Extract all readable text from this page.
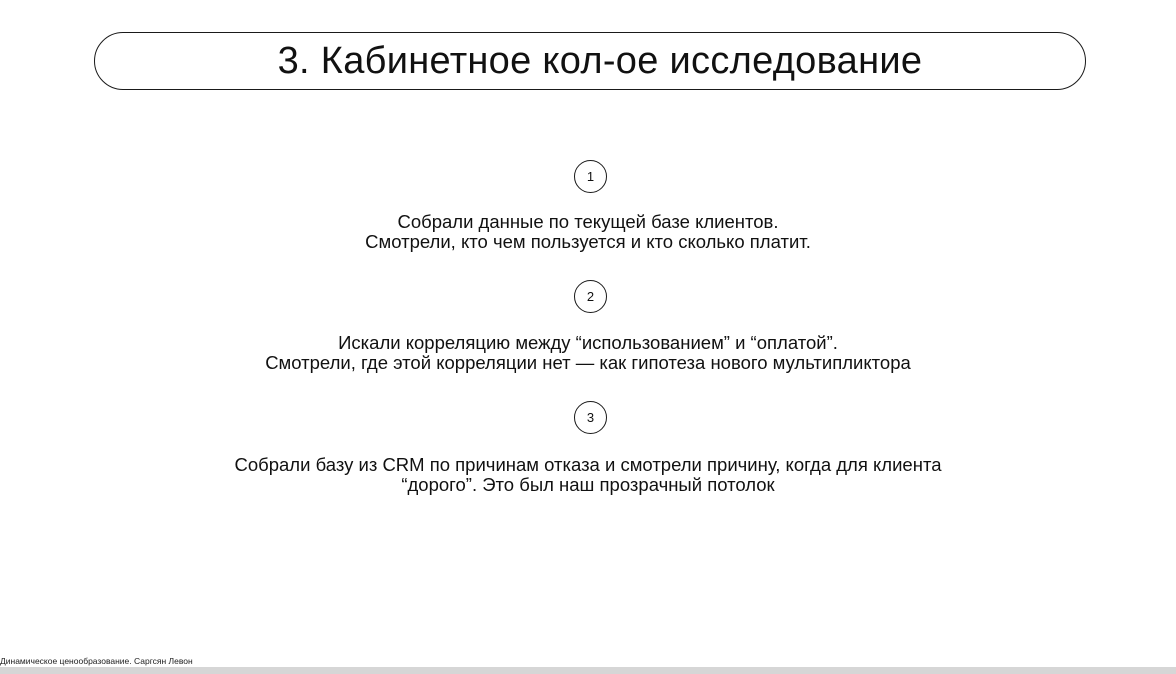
3. Кабинетное кол-ое исследование
1
Собрали данные по текущей базе клиентов.
Смотрели, кто чем пользуется и кто сколько платит.
2
Искали корреляцию между “использованием” и “оплатой”.
Смотрели, где этой корреляции нет — как гипотеза нового мультипликтора
3
Собрали базу из CRM по причинам отказа и смотрели причину, когда для клиента
“дорого”. Это был наш прозрачный потолок
Динамическое ценообразование. Саргсян Левон
